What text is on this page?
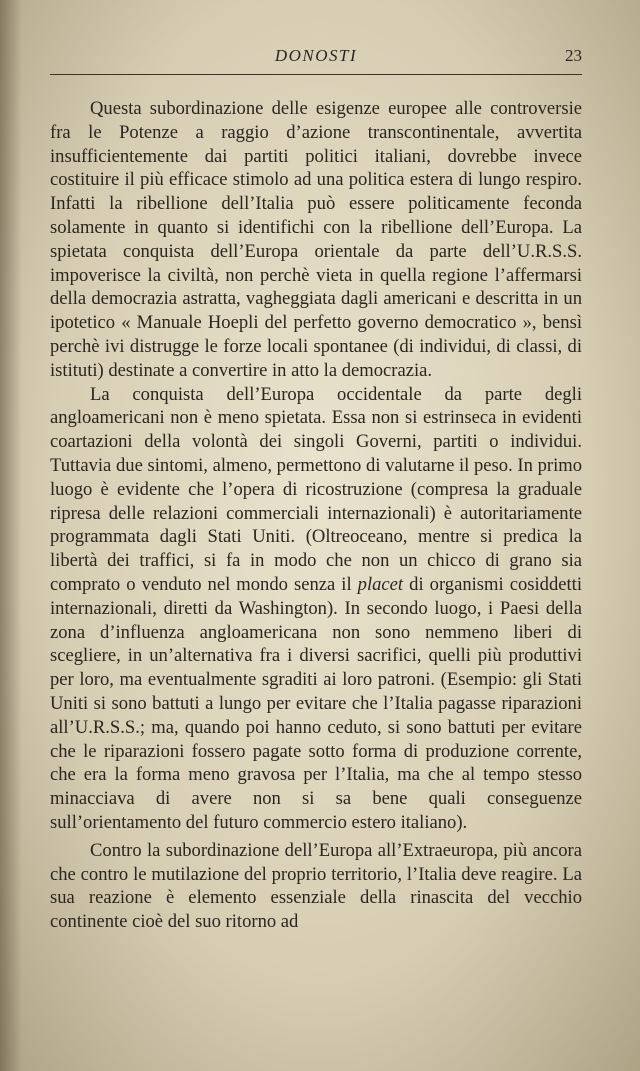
DONOSTI	23

Questa subordinazione delle esigenze europee alle controversie fra le Potenze a raggio d’azione transcontinentale, avvertita insufficientemente dai partiti politici italiani, dovrebbe invece costituire il più efficace stimolo ad una politica estera di lungo respiro. Infatti la ribellione dell’Italia può essere politicamente feconda solamente in quanto si identifichi con la ribellione dell’Europa. La spietata conquista dell’Europa orientale da parte dell’U.R.S.S. impoverisce la civiltà, non perchè vieta in quella regione l’affermarsi della democrazia astratta, vagheggiata dagli americani e descritta in un ipotetico « Manuale Hoepli del perfetto governo democratico », bensì perchè ivi distrugge le forze locali spontanee (di individui, di classi, di istituti) destinate a convertire in atto la democrazia.

La conquista dell’Europa occidentale da parte degli angloamericani non è meno spietata. Essa non si estrinseca in evidenti coartazioni della volontà dei singoli Governi, partiti o individui. Tuttavia due sintomi, almeno, permettono di valutarne il peso. In primo luogo è evidente che l’opera di ricostruzione (compresa la graduale ripresa delle relazioni commerciali internazionali) è autoritariamente programmata dagli Stati Uniti. (Oltreoceano, mentre si predica la libertà dei traffici, si fa in modo che non un chicco di grano sia comprato o venduto nel mondo senza il placet di organismi cosiddetti internazionali, diretti da Washington). In secondo luogo, i Paesi della zona d’influenza angloamericana non sono nemmeno liberi di scegliere, in un’alternativa fra i diversi sacrifici, quelli più produttivi per loro, ma eventualmente sgraditi ai loro patroni. (Esempio: gli Stati Uniti si sono battuti a lungo per evitare che l’Italia pagasse riparazioni all’U.R.S.S.; ma, quando poi hanno ceduto, si sono battuti per evitare che le riparazioni fossero pagate sotto forma di produzione corrente, che era la forma meno gravosa per l’Italia, ma che al tempo stesso minacciava di avere non si sa bene quali conseguenze sull’orientamento del futuro commercio estero italiano).

Contro la subordinazione dell’Europa all’Extraeuropa, più ancora che contro le mutilazione del proprio territorio, l’Italia deve reagire. La sua reazione è elemento essenziale della rinascita del vecchio continente cioè del suo ritorno ad
